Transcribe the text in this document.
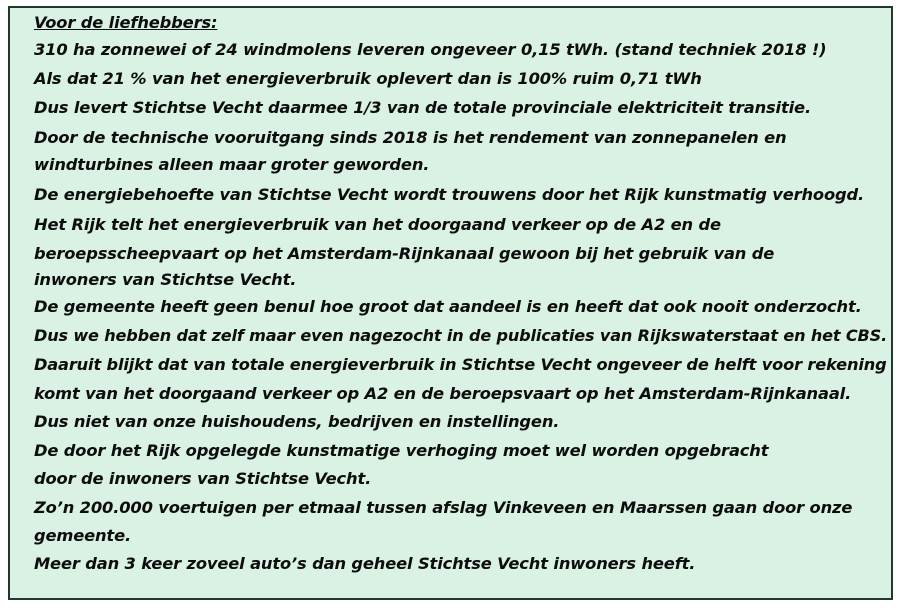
Voor de liefhebbers:

310 ha zonnewei of 24 windmolens leveren ongeveer 0,15 tWh. (stand techniek 2018 !)

Als dat 21 % van het energieverbruik oplevert dan is 100% ruim 0,71 tWh

Dus levert Stichtse Vecht daarmee 1/3 van de totale provinciale elektriciteit transitie.

Door de technische vooruitgang sinds 2018 is het rendement van zonnepanelen en

windturbines alleen maar groter geworden.

De energiebehoefte van Stichtse Vecht wordt trouwens door het Rijk kunstmatig verhoogd.

Het Rijk telt het energieverbruik van het doorgaand verkeer op de A2 en de

beroepsscheepvaart op het Amsterdam-Rijnkanaal gewoon bij het gebruik van de

inwoners van Stichtse Vecht.

De gemeente heeft geen benul hoe groot dat aandeel is en heeft dat ook nooit onderzocht.

Dus we hebben dat zelf maar even nagezocht in de publicaties van Rijkswaterstaat en het CBS.

Daaruit blijkt dat van totale energieverbruik in Stichtse Vecht ongeveer de helft voor rekening

komt van het doorgaand verkeer op A2 en de beroepsvaart op het Amsterdam-Rijnkanaal.

Dus niet van onze huishoudens, bedrijven en instellingen.

De door het Rijk opgelegde kunstmatige verhoging moet wel worden opgebracht

door de inwoners van Stichtse Vecht.

Zo’n 200.000 voertuigen per etmaal tussen afslag Vinkeveen en Maarssen gaan door onze

gemeente.

Meer dan 3 keer zoveel auto’s dan geheel Stichtse Vecht inwoners heeft.
